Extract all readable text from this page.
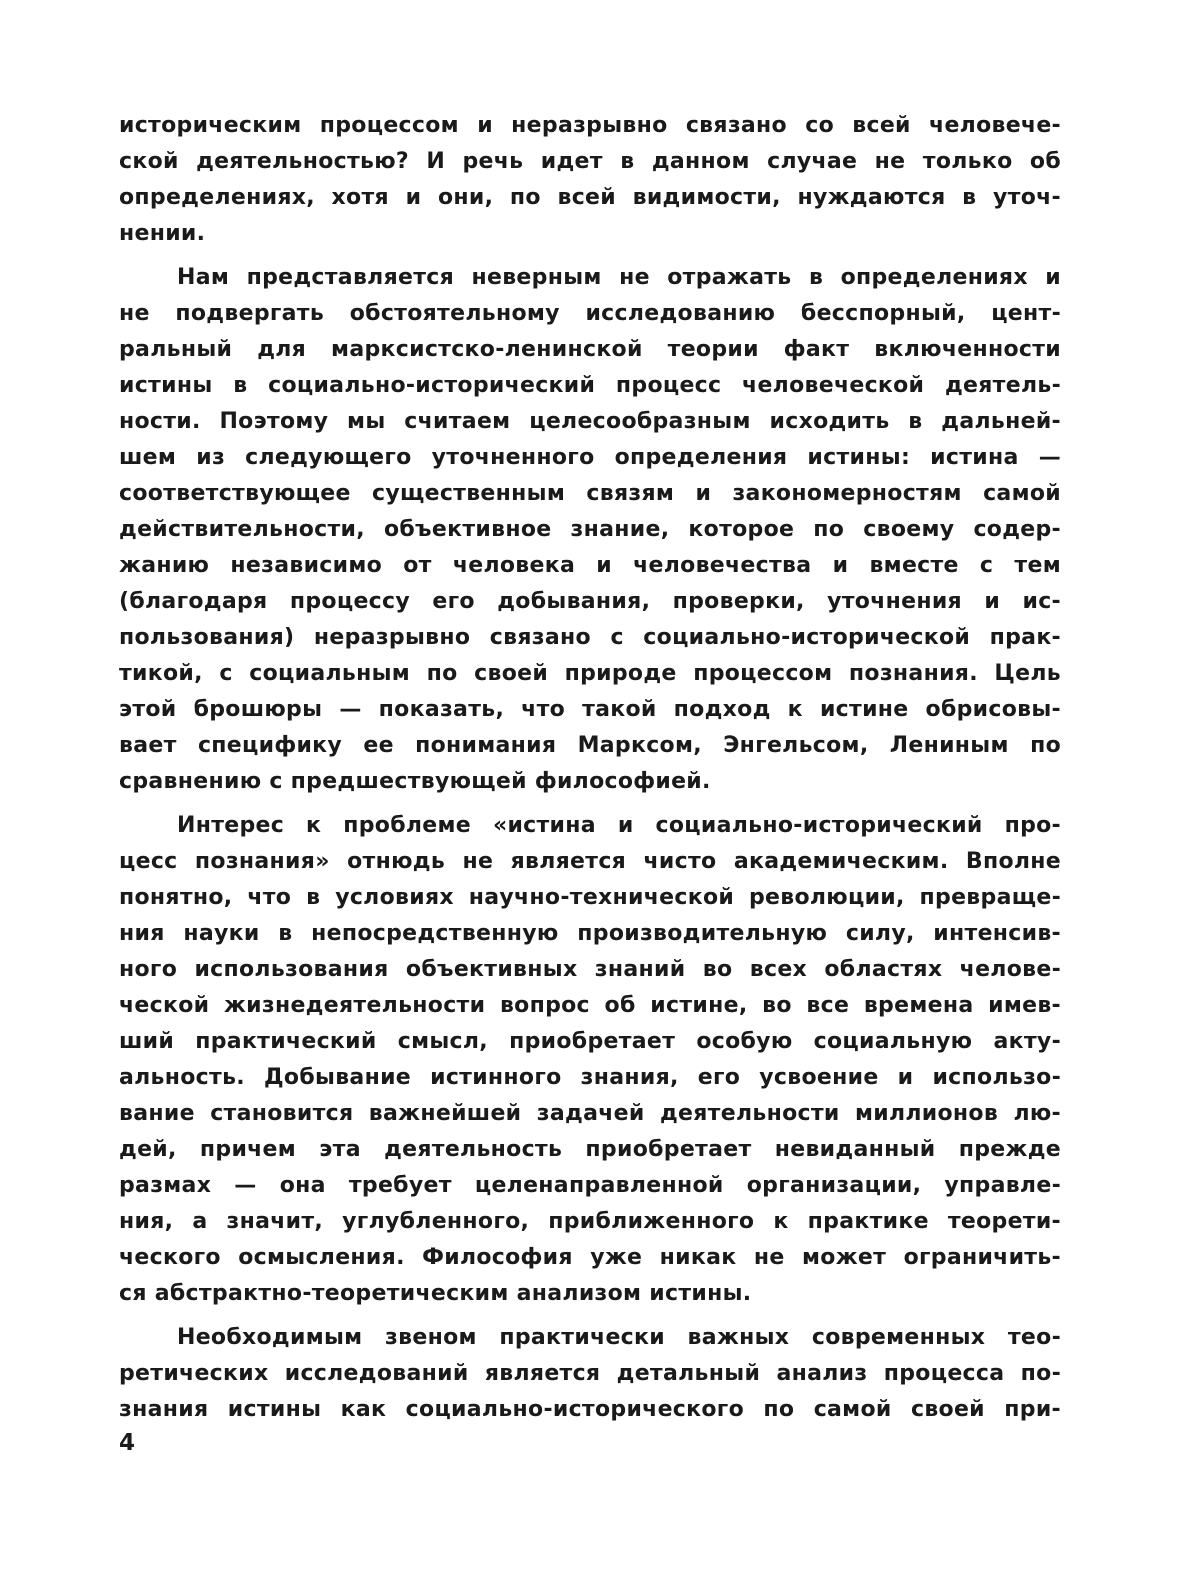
историческим процессом и неразрывно связано со всей человече-

ской деятельностью? И речь идет в данном случае не только об

определениях, хотя и они, по всей видимости, нуждаются в уточ-

нении.

Нам представляется неверным не отражать в определениях и

не подвергать обстоятельному исследованию бесспорный, цент-

ральный для марксистско-ленинской теории факт включенности

истины в социально-исторический процесс человеческой деятель-

ности. Поэтому мы считаем целесообразным исходить в дальней-

шем из следующего уточненного определения истины: истина —

соответствующее существенным связям и закономерностям самой

действительности, объективное знание, которое по своему содер-

жанию независимо от человека и человечества и вместе с тем

(благодаря процессу его добывания, проверки, уточнения и ис-

пользования) неразрывно связано с социально-исторической прак-

тикой, с социальным по своей природе процессом познания. Цель

этой брошюры — показать, что такой подход к истине обрисовы-

вает специфику ее понимания Марксом, Энгельсом, Лениным по

сравнению с предшествующей философией.

Интерес к проблеме «истина и социально-исторический про-

цесс познания» отнюдь не является чисто академическим. Вполне

понятно, что в условиях научно-технической революции, превраще-

ния науки в непосредственную производительную силу, интенсив-

ного использования объективных знаний во всех областях челове-

ческой жизнедеятельности вопрос об истине, во все времена имев-

ший практический смысл, приобретает особую социальную акту-

альность. Добывание истинного знания, его усвоение и использо-

вание становится важнейшей задачей деятельности миллионов лю-

дей, причем эта деятельность приобретает невиданный прежде

размах — она требует целенаправленной организации, управле-

ния, а значит, углубленного, приближенного к практике теорети-

ческого осмысления. Философия уже никак не может ограничить-

ся абстрактно-теоретическим анализом истины.

Необходимым звеном практически важных современных тео-

ретических исследований является детальный анализ процесса по-

знания истины как социально-исторического по самой своей при-

4
